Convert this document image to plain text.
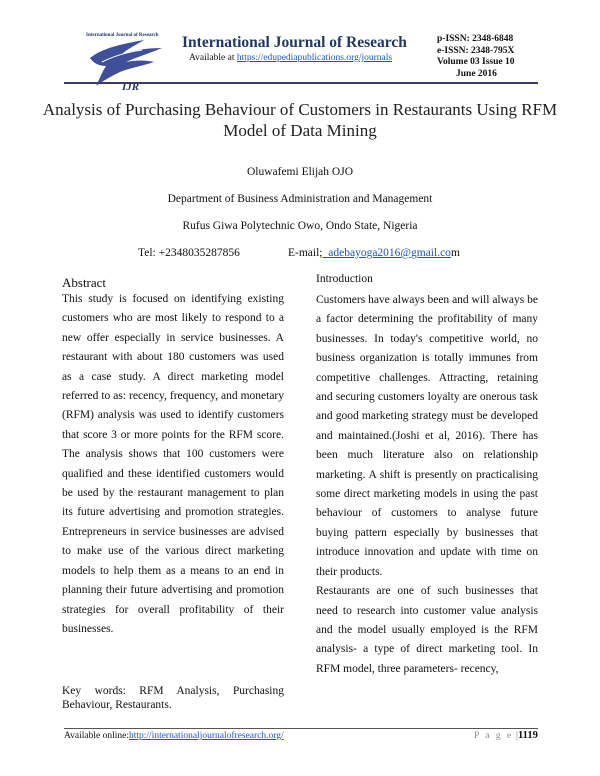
International Journal of Research
IJR
International Journal of Research
Available at https://edupediapublications.org/journals
p-ISSN: 2348-6848
e-ISSN: 2348-795X
Volume 03 Issue 10
June 2016
Analysis of Purchasing Behaviour of Customers in Restaurants Using RFM Model of Data Mining
Oluwafemi Elijah OJO
Department of Business Administration and Management
Rufus Giwa Polytechnic Owo, Ondo State, Nigeria
Tel: +2348035287856	E-mail;_adebayoga2016@gmail.com
Abstract
This study is focused on identifying existing customers who are most likely to respond to a new offer especially in service businesses. A restaurant with about 180 customers was used as a case study. A direct marketing model referred to as: recency, frequency, and monetary (RFM) analysis was used to identify customers that score 3 or more points for the RFM score. The analysis shows that 100 customers were qualified and these identified customers would be used by the restaurant management to plan its future advertising and promotion strategies. Entrepreneurs in service businesses are advised to make use of the various direct marketing models to help them as a means to an end in planning their future advertising and promotion strategies for overall profitability of their businesses.
Key words: RFM Analysis, Purchasing Behaviour, Restaurants.
Introduction
Customers have always been and will always be a factor determining the profitability of many businesses. In today's competitive world, no business organization is totally immunes from competitive challenges. Attracting, retaining and securing customers loyalty are onerous task and good marketing strategy must be developed and maintained.(Joshi et al, 2016). There has been much literature also on relationship marketing. A shift is presently on practicalising some direct marketing models in using the past behaviour of customers to analyse future buying pattern especially by businesses that introduce innovation and update with time on their products.
Restaurants are one of such businesses that need to research into customer value analysis and the model usually employed is the RFM analysis- a type of direct marketing tool. In RFM model, three parameters- recency,
Available online:http://internationaljournalofresearch.org/	P a g e |1119
